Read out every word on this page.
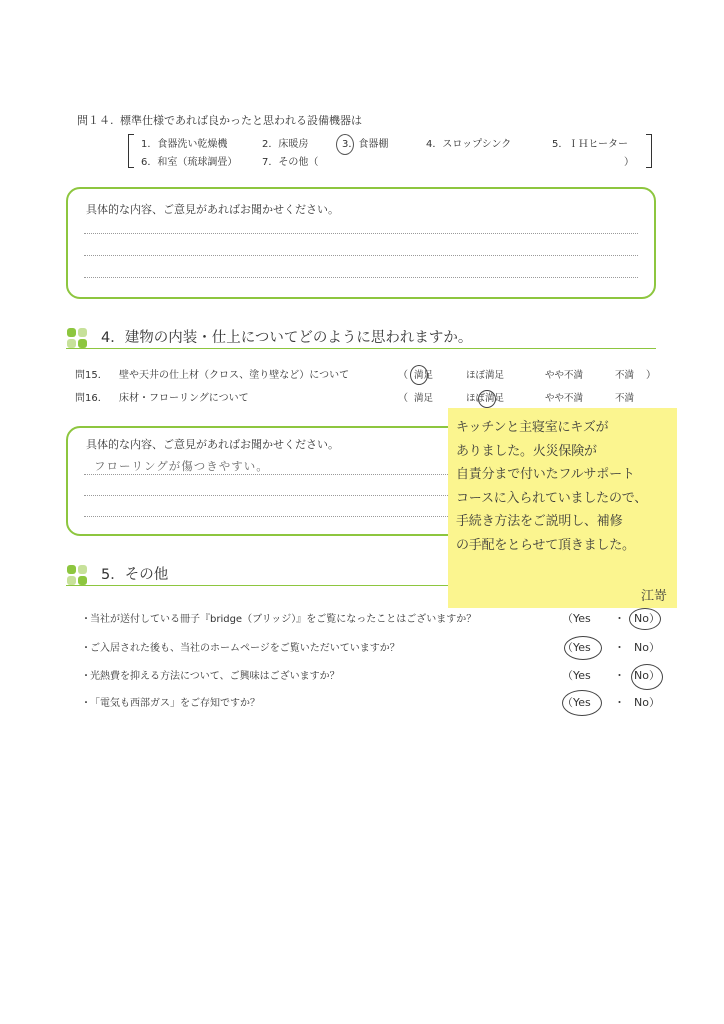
問１４. 標準仕様であれば良かったと思われる設備機器は
1．食器洗い乾燥機	2．床暖房	3．食器棚	4．スロップシンク	5．ＩＨヒーター
6．和室（琉球調畳） 7．その他（	）
具体的な内容、ご意見があればお聞かせください。
4．建物の内装・仕上についてどのように思われますか。
問15． 壁や天井の仕上材（クロス、塗り壁など）について	（ 満足	ほぼ満足	やや不満	不満 ）
問16． 床材・フローリングについて	（ 満足	ほぼ満足	やや不満	不満
具体的な内容、ご意見があればお聞かせください。
フローリングが傷つきやすい。
キッチンと主寝室にキズが
ありました。火災保険が
自責分まで付いたフルサポート
コースに入られていましたので、
手続き方法をご説明し、補修
の手配をとらせて頂きました。
江嵜
5．その他
・ 当社が送付している冊子『bridge（ブリッジ）』をご覧になったことはございますか？	（Yes ・ No）
・ ご入居された後も、当社のホームページをご覧いただいていますか？	（Yes ・ No）
・ 光熱費を抑える方法について、ご興味はございますか？	（Yes ・ No）
・ 「電気も西部ガス」をご存知ですか？	（Yes ・ No）
